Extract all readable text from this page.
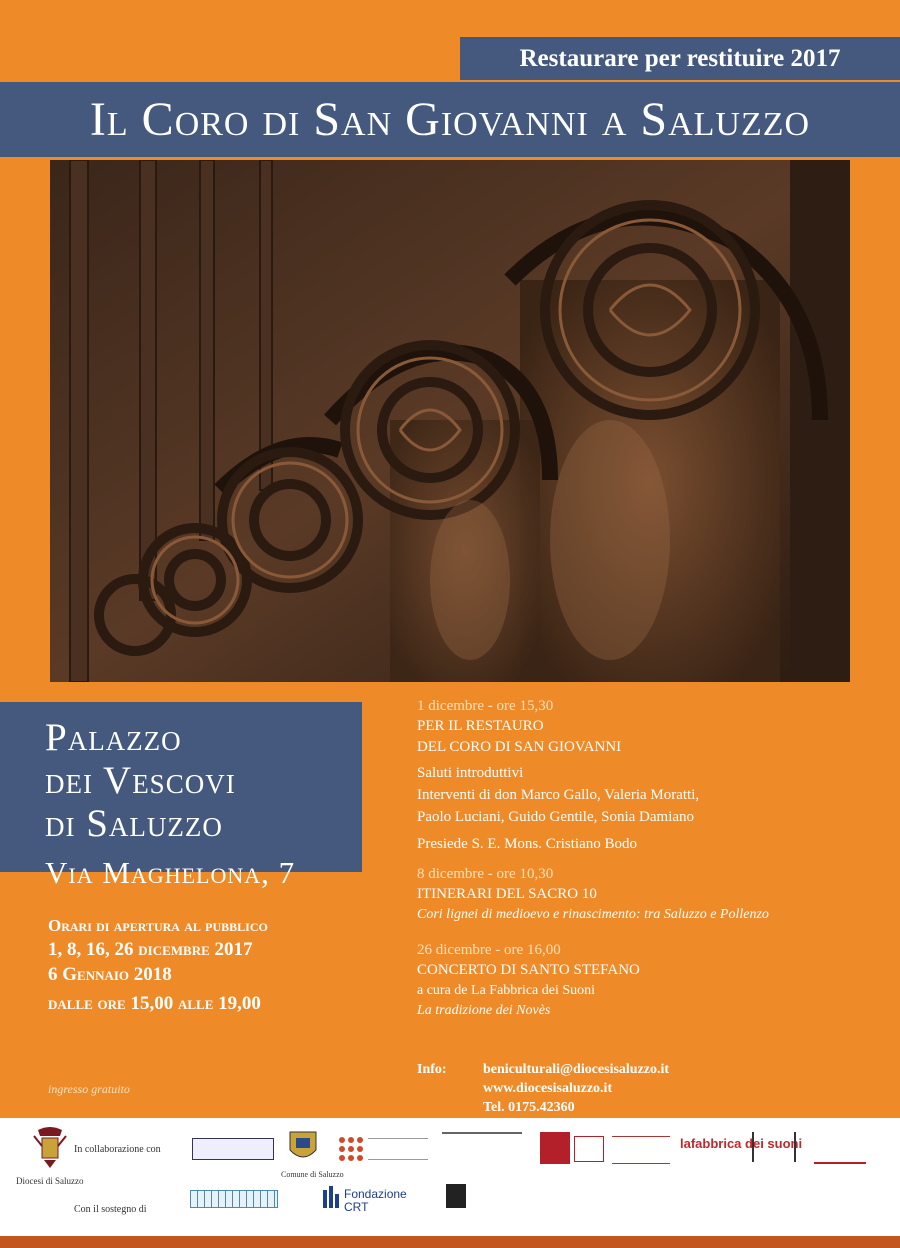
Restaurare per restituire 2017
Il Coro di San Giovanni a Saluzzo
Palazzo
dei Vescovi
di Saluzzo
Via Maghelona, 7
Orari di apertura al pubblico
1, 8, 16, 26 dicembre 2017
6 Gennaio 2018
dalle ore 15,00 alle 19,00
ingresso gratuito
1 dicembre - ore 15,30
PER IL RESTAURO
DEL CORO DI SAN GIOVANNI
Saluti introduttivi
Interventi di don Marco Gallo, Valeria Moratti,
Paolo Luciani, Guido Gentile, Sonia Damiano
Presiede S. E. Mons. Cristiano Bodo
8 dicembre - ore 10,30
ITINERARI DEL SACRO 10
Cori lignei di medioevo e rinascimento: tra Saluzzo e Pollenzo
26 dicembre - ore 16,00
CONCERTO DI SANTO STEFANO
a cura de La Fabbrica dei Suoni
La tradizione dei Novès
Info:	beniculturali@diocesisaluzzo.it
www.diocesisaluzzo.it
Tel. 0175.42360
Diocesi di Saluzzo
In collaborazione con
Con il sostegno di
Comune di Saluzzo
lafabbrica dei suoni
Fondazione CRT
